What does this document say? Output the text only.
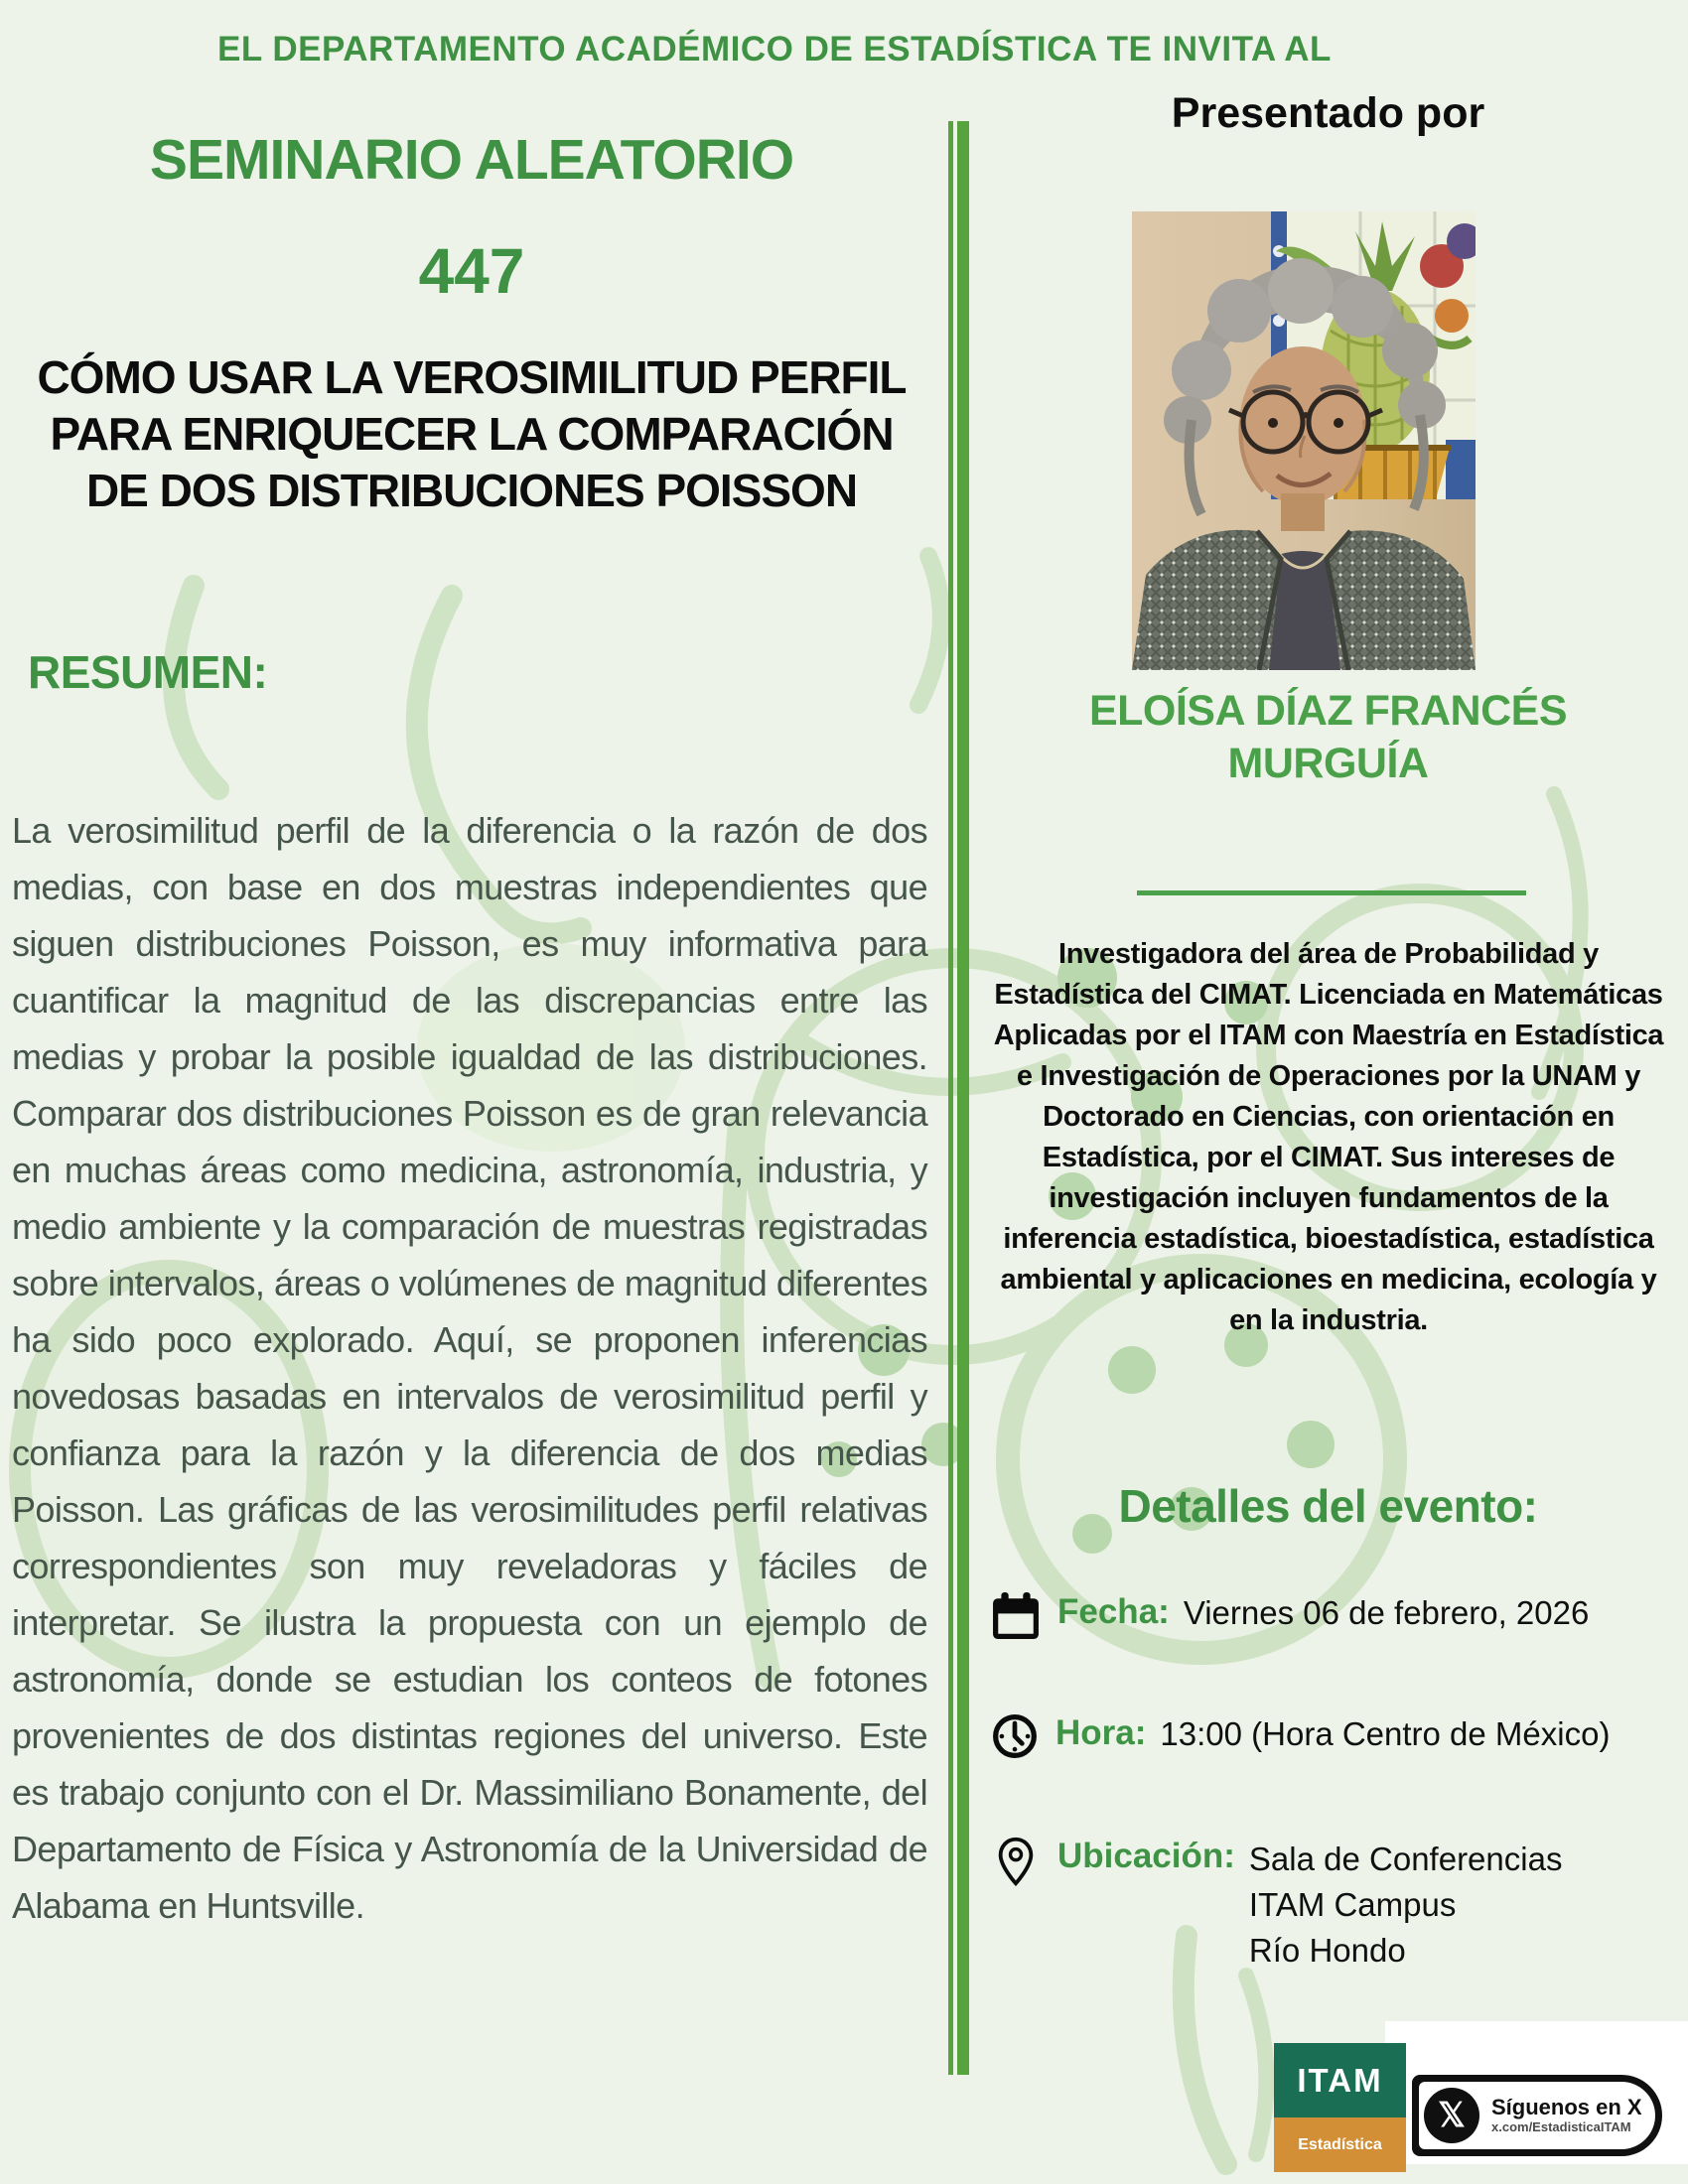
EL DEPARTAMENTO ACADÉMICO DE ESTADÍSTICA TE INVITA AL
SEMINARIO ALEATORIO
447
CÓMO USAR LA VEROSIMILITUD PERFIL PARA ENRIQUECER LA COMPARACIÓN DE DOS DISTRIBUCIONES POISSON
RESUMEN:
La verosimilitud perfil de la diferencia o la razón de dos medias, con base en dos muestras independientes que siguen distribuciones Poisson, es muy informativa para cuantificar la magnitud de las discrepancias entre las medias y probar la posible igualdad de las distribuciones. Comparar dos distribuciones Poisson es de gran relevancia en muchas áreas como medicina, astronomía, industria, y medio ambiente y la comparación de muestras registradas sobre intervalos, áreas o volúmenes de magnitud diferentes ha sido poco explorado. Aquí, se proponen inferencias novedosas basadas en intervalos de verosimilitud perfil y confianza para la razón y la diferencia de dos medias Poisson. Las gráficas de las verosimilitudes perfil relativas correspondientes son muy reveladoras y fáciles de interpretar. Se ilustra la propuesta con un ejemplo de astronomía, donde se estudian los conteos de fotones provenientes de dos distintas regiones del universo. Este es trabajo conjunto con el Dr. Massimiliano Bonamente, del Departamento de Física y Astronomía de la Universidad de Alabama en Huntsville.
Presentado por
ELOÍSA DÍAZ FRANCÉS
MURGUÍA
Investigadora del área de Probabilidad y Estadística del CIMAT. Licenciada en Matemáticas Aplicadas por el ITAM con Maestría en Estadística e Investigación de Operaciones por la UNAM y Doctorado en Ciencias, con orientación en Estadística, por el CIMAT. Sus intereses de investigación incluyen fundamentos de la inferencia estadística, bioestadística, estadística ambiental y aplicaciones en medicina, ecología y en la industria.
Detalles del evento:
Fecha: Viernes 06 de febrero, 2026
Hora: 13:00 (Hora Centro de México)
Ubicación: Sala de Conferencias
ITAM Campus
Río Hondo
ITAM
Estadística
𝕏 Síguenos en X
x.com/EstadisticaITAM
